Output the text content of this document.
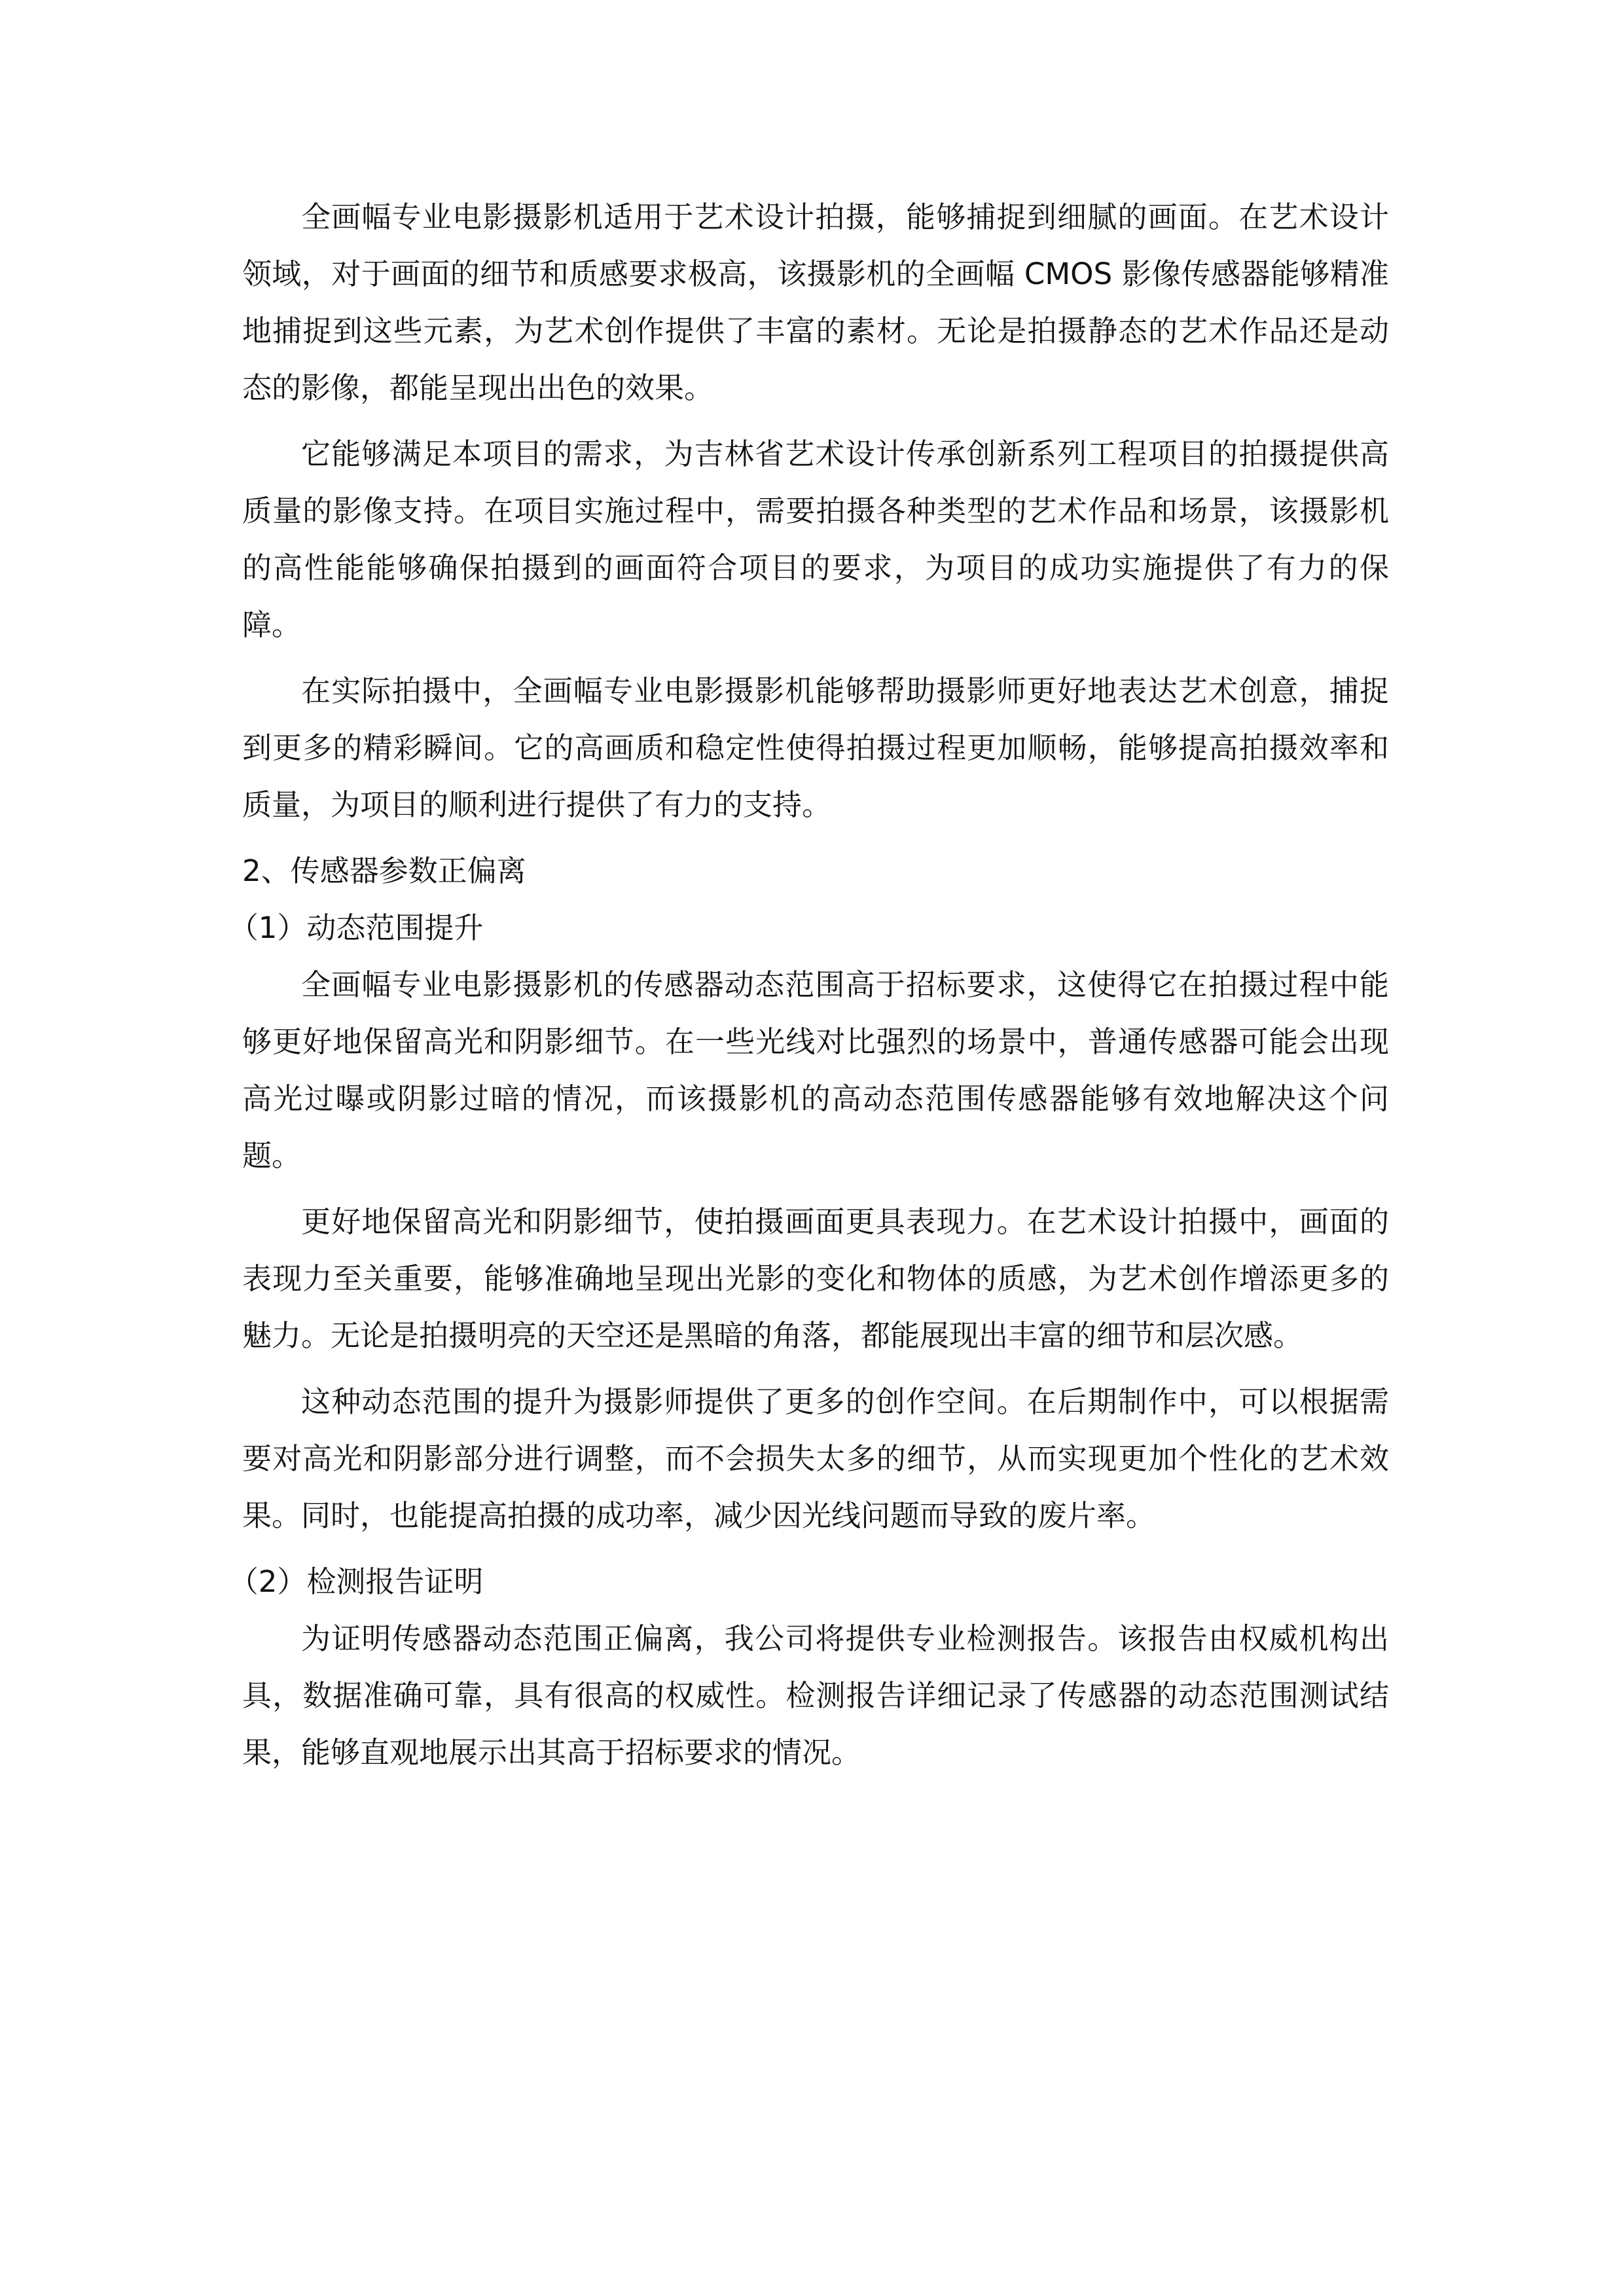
全画幅专业电影摄影机适用于艺术设计拍摄，能够捕捉到细腻的画面。在艺术设计领域，对于画面的细节和质感要求极高，该摄影机的全画幅 CMOS 影像传感器能够精准地捕捉到这些元素，为艺术创作提供了丰富的素材。无论是拍摄静态的艺术作品还是动态的影像，都能呈现出出色的效果。

它能够满足本项目的需求，为吉林省艺术设计传承创新系列工程项目的拍摄提供高质量的影像支持。在项目实施过程中，需要拍摄各种类型的艺术作品和场景，该摄影机的高性能能够确保拍摄到的画面符合项目的要求，为项目的成功实施提供了有力的保障。

在实际拍摄中，全画幅专业电影摄影机能够帮助摄影师更好地表达艺术创意，捕捉到更多的精彩瞬间。它的高画质和稳定性使得拍摄过程更加顺畅，能够提高拍摄效率和质量，为项目的顺利进行提供了有力的支持。

2、传感器参数正偏离

（1）动态范围提升

全画幅专业电影摄影机的传感器动态范围高于招标要求，这使得它在拍摄过程中能够更好地保留高光和阴影细节。在一些光线对比强烈的场景中，普通传感器可能会出现高光过曝或阴影过暗的情况，而该摄影机的高动态范围传感器能够有效地解决这个问题。

更好地保留高光和阴影细节，使拍摄画面更具表现力。在艺术设计拍摄中，画面的表现力至关重要，能够准确地呈现出光影的变化和物体的质感，为艺术创作增添更多的魅力。无论是拍摄明亮的天空还是黑暗的角落，都能展现出丰富的细节和层次感。

这种动态范围的提升为摄影师提供了更多的创作空间。在后期制作中，可以根据需要对高光和阴影部分进行调整，而不会损失太多的细节，从而实现更加个性化的艺术效果。同时，也能提高拍摄的成功率，减少因光线问题而导致的废片率。

（2）检测报告证明

为证明传感器动态范围正偏离，我公司将提供专业检测报告。该报告由权威机构出具，数据准确可靠，具有很高的权威性。检测报告详细记录了传感器的动态范围测试结果，能够直观地展示出其高于招标要求的情况。
